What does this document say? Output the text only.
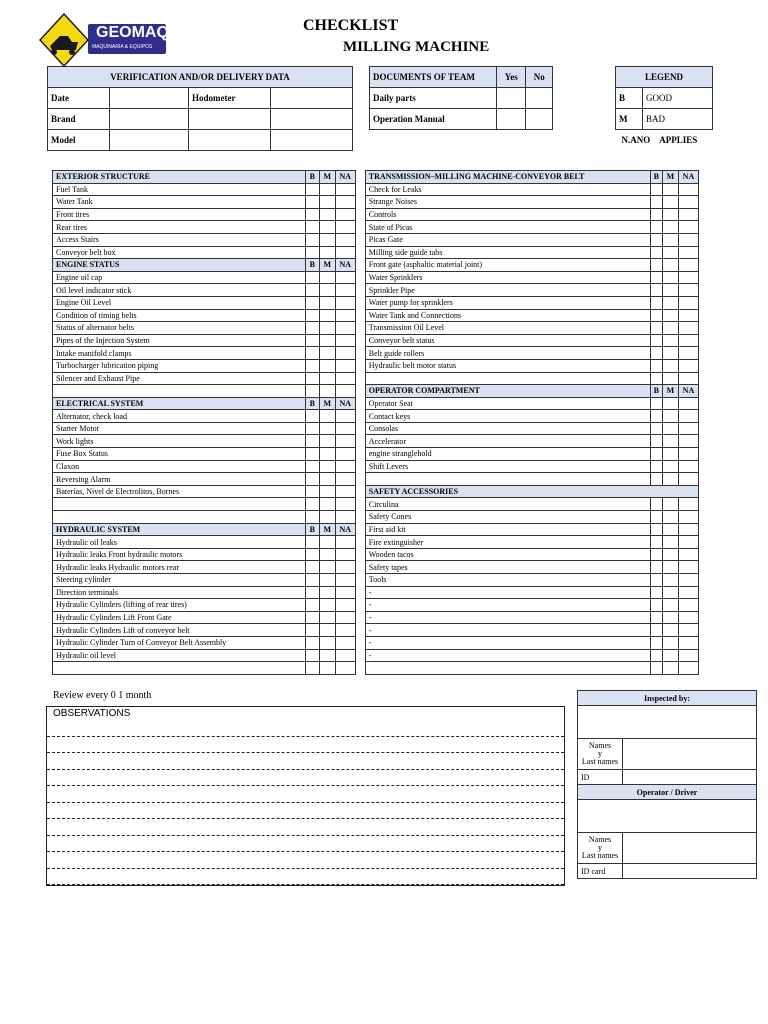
GEOMAQ
MAQUINARIA & EQUIPOS
CHECKLIST
MILLING MACHINE
VERIFICATION AND/OR DELIVERY DATA			
Date		Hodometer	
Brand			
Model			
DOCUMENTS OF TEAM	Yes	No
Daily parts		
Operation Manual		
LEGEND	
B	GOOD
M	BAD
N.ANO APPLIES	
EXTERIOR STRUCTURE	B	M	NA		TRANSMISSION–MILLING MACHINE-CONVEYOR BELT	B	M	NA
Fuel Tank					Check for Leaks			
Water Tank					Strange Noises			
Front tires					Controls			
Rear tires					State of Picas			
Access Stairs					Picas Gate			
Conveyor belt box					Milling side guide tabs			
ENGINE STATUS	B	M	NA		Front gate (asphaltic material joint)			
Engine oil cap					Water Sprinklers			
Oil level indicator stick					Sprinkler Pipe			
Engine Oil Level					Water pump for sprinklers			
Condition of timing belts					Water Tank and Connections			
Status of alternator belts					Transmission Oil Level			
Pipes of the Injection System					Conveyor belt status			
Intake manifold clamps					Belt guide rollers			
Turbocharger lubrication piping					Hydraulic belt motor status			
Silencer and Exhaust Pipe								
					OPERATOR COMPARTMENT	B	M	NA
ELECTRICAL SYSTEM	B	M	NA		Operator Seat			
Alternator, check load					Contact keys			
Starter Motor					Consolas			
Work lights					Accelerator			
Fuse Box Status					engine stranglehold			
Claxon					Shift Levers			
Reversing Alarm								
Baterías, Nivel de Electrolitos, Bornes					SAFETY ACCESSORIES			
					Circulina			
					Safety Cones			
HYDRAULIC SYSTEM	B	M	NA		First aid kit			
Hydraulic oil leaks					Fire extinguisher			
Hydraulic leaks Front hydraulic motors					Wooden tacos			
Hydraulic leaks Hydraulic motors rear					Safety tapes			
Steering cylinder					Tools			
Direction terminals					-			
Hydraulic Cylinders (lifting of rear tires)					-			
Hydraulic Cylinders Lift Front Gate					-			
Hydraulic Cylinders Lift of conveyor belt					-			
Hydraulic Cylinder Turn of Conveyor Belt Assembly					-			
Hydraulic oil level					-			

Review every 0 1 month
OBSERVATIONS
Inspected by:	

Names
y
Last names	
ID	
Operator / Driver	

Names
y
Last names	
ID card	
